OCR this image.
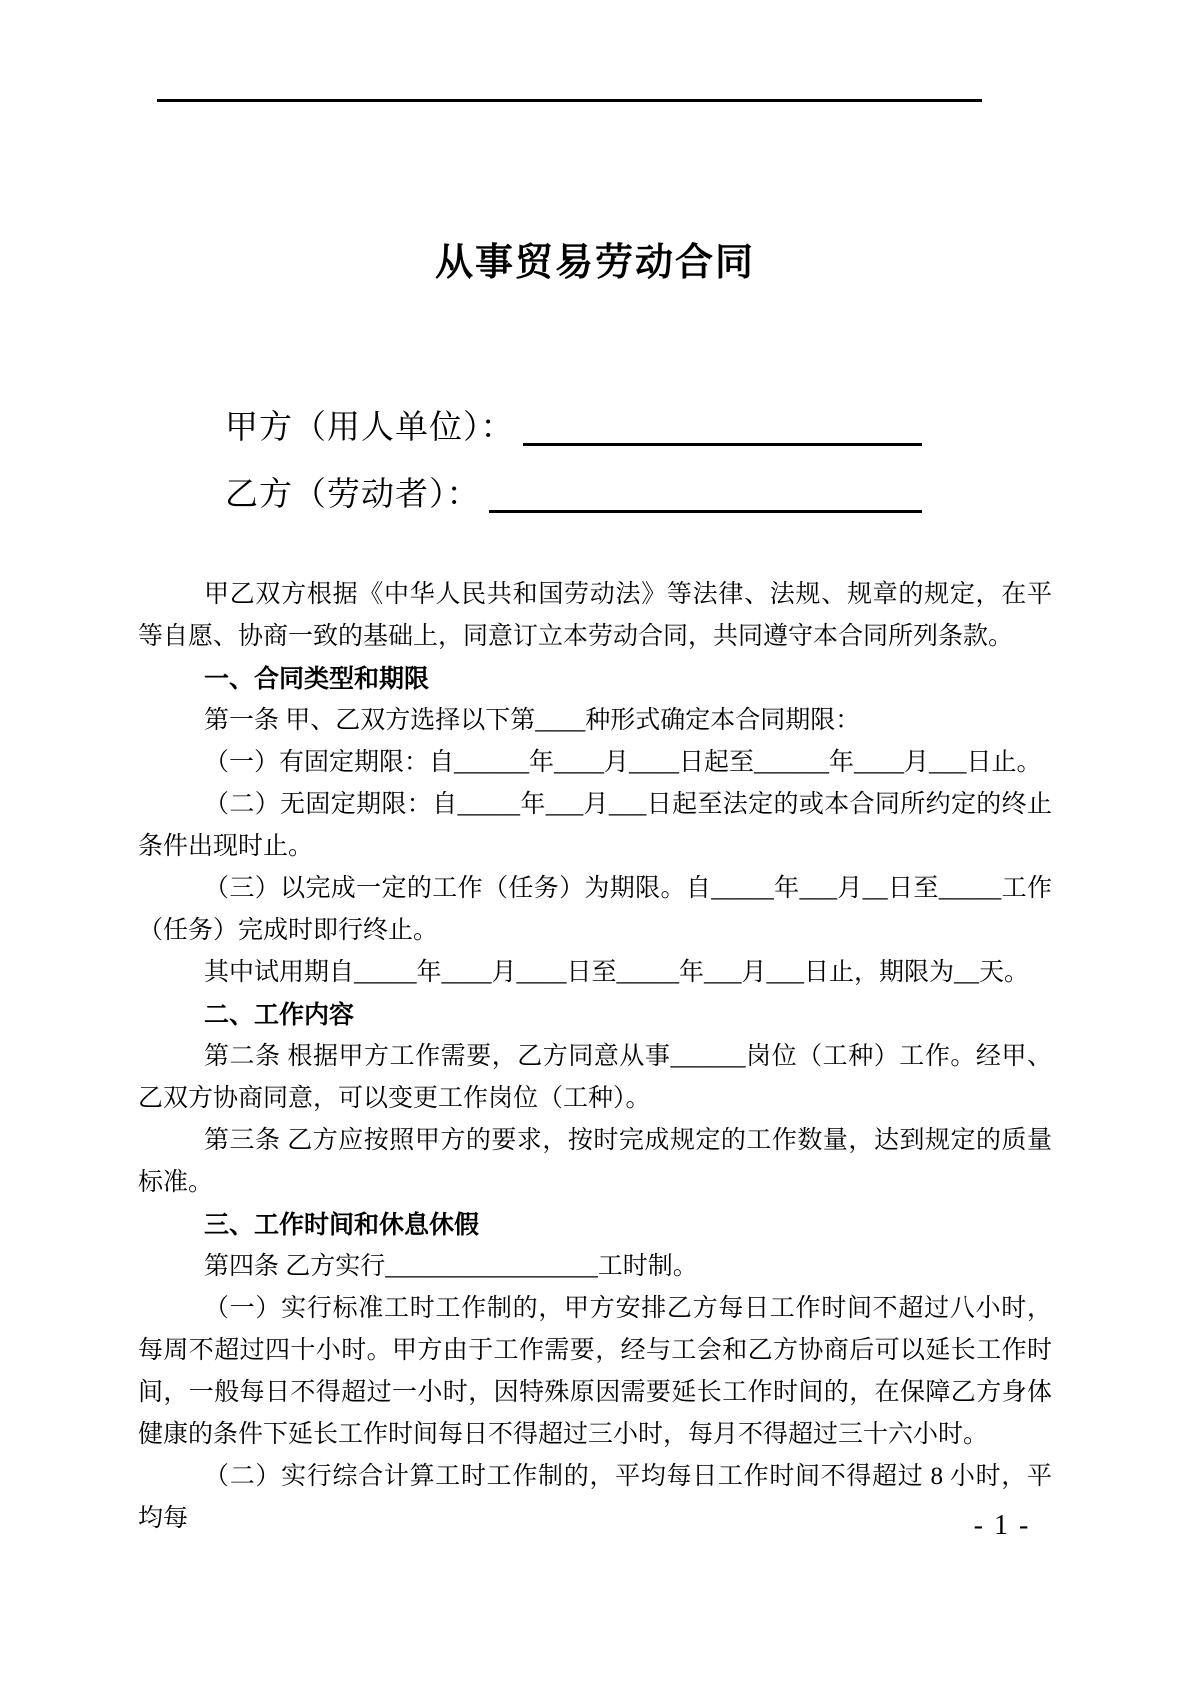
从事贸易劳动合同
甲方（用人单位）：
乙方（劳动者）：

甲乙双方根据《中华人民共和国劳动法》等法律、法规、规章的规定，在平等自愿、协商一致的基础上，同意订立本劳动合同，共同遵守本合同所列条款。

一、合同类型和期限

第一条 甲、乙双方选择以下第____种形式确定本合同期限：

（一）有固定期限：自______年____月____日起至______年____月___日止。

（二）无固定期限：自_____年___月___日起至法定的或本合同所约定的终止条件出现时止。

（三）以完成一定的工作（任务）为期限。自_____年___月__日至_____工作（任务）完成时即行终止。

其中试用期自_____年____月____日至_____年___月___日止，期限为__天。

二、工作内容

第二条 根据甲方工作需要，乙方同意从事______岗位（工种）工作。经甲、乙双方协商同意，可以变更工作岗位（工种）。

第三条 乙方应按照甲方的要求，按时完成规定的工作数量，达到规定的质量标准。

三、工作时间和休息休假

第四条 乙方实行_________________工时制。

（一）实行标准工时工作制的，甲方安排乙方每日工作时间不超过八小时，每周不超过四十小时。甲方由于工作需要，经与工会和乙方协商后可以延长工作时间，一般每日不得超过一小时，因特殊原因需要延长工作时间的，在保障乙方身体健康的条件下延长工作时间每日不得超过三小时，每月不得超过三十六小时。

（二）实行综合计算工时工作制的，平均每日工作时间不得超过 8 小时，平均每	- 1 -
